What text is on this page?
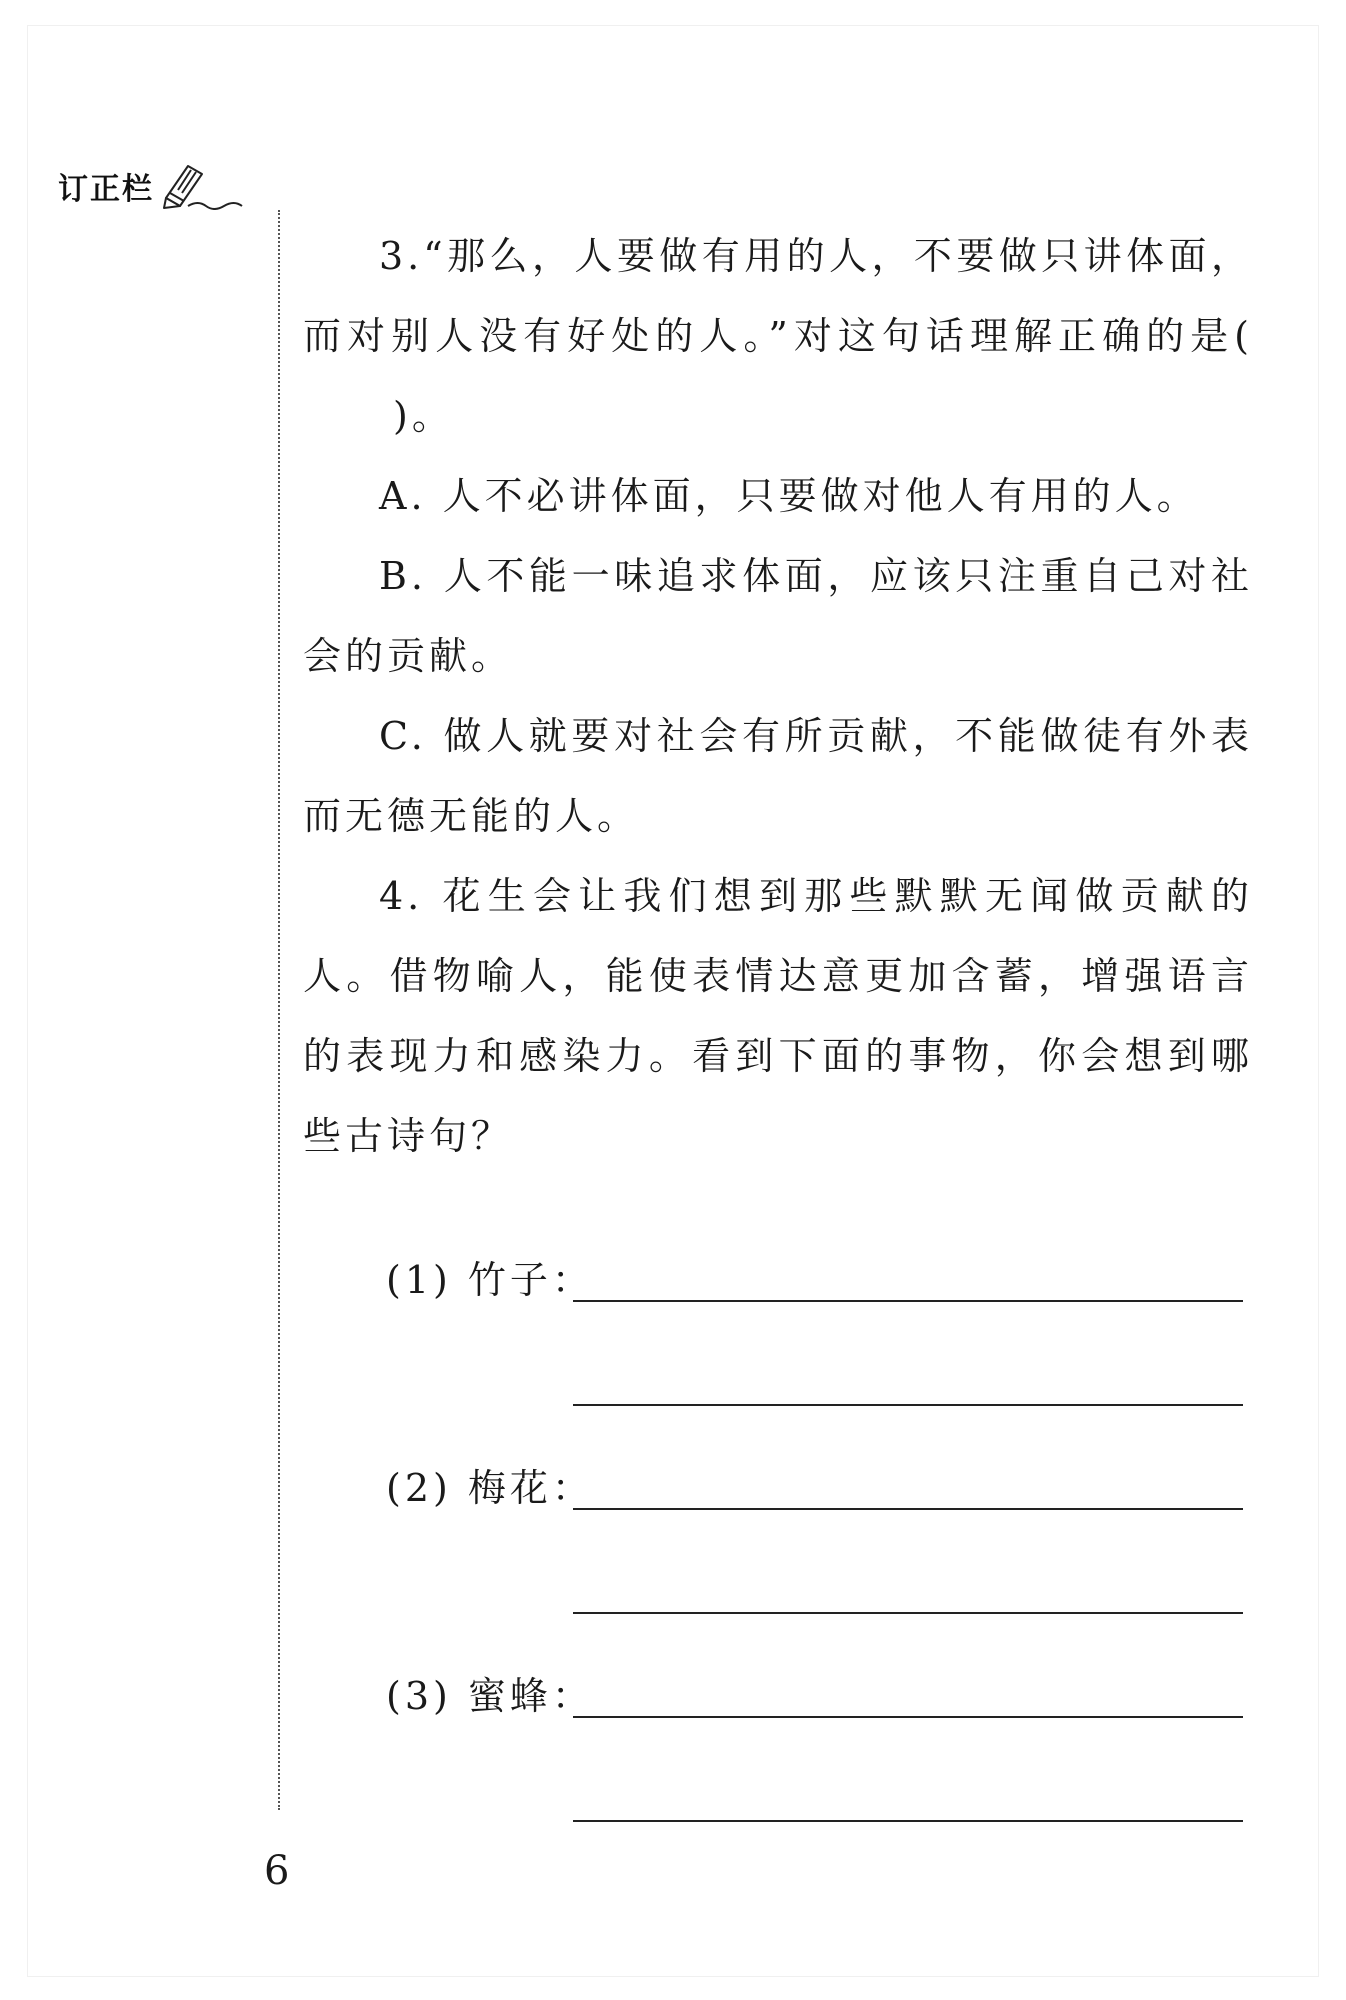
订正栏

3.“那么，人要做有用的人，不要做只讲体面，而对别人没有好处的人。”对这句话理解正确的是()。

A. 人不必讲体面，只要做对他人有用的人。

B. 人不能一味追求体面，应该只注重自己对社会的贡献。

C. 做人就要对社会有所贡献，不能做徒有外表而无德无能的人。

4. 花生会让我们想到那些默默无闻做贡献的人。借物喻人，能使表情达意更加含蓄，增强语言的表现力和感染力。看到下面的事物，你会想到哪些古诗句？

(1) 竹子：
(2) 梅花：
(3) 蜜蜂：
6
